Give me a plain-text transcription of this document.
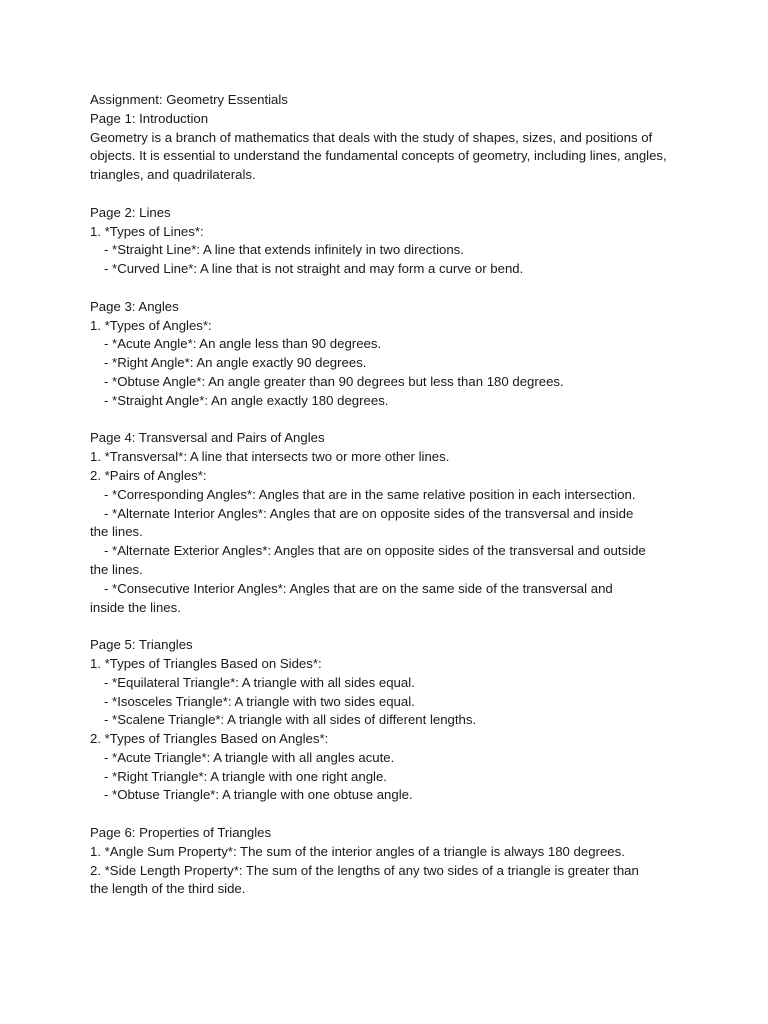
Assignment: Geometry Essentials

Page 1: Introduction

Geometry is a branch of mathematics that deals with the study of shapes, sizes, and positions of objects. It is essential to understand the fundamental concepts of geometry, including lines, angles, triangles, and quadrilaterals.

Page 2: Lines

1. *Types of Lines*:

- *Straight Line*: A line that extends infinitely in two directions.

- *Curved Line*: A line that is not straight and may form a curve or bend.

Page 3: Angles

1. *Types of Angles*:

- *Acute Angle*: An angle less than 90 degrees.

- *Right Angle*: An angle exactly 90 degrees.

- *Obtuse Angle*: An angle greater than 90 degrees but less than 180 degrees.

- *Straight Angle*: An angle exactly 180 degrees.

Page 4: Transversal and Pairs of Angles

1. *Transversal*: A line that intersects two or more other lines.

2. *Pairs of Angles*:

- *Corresponding Angles*: Angles that are in the same relative position in each intersection.

- *Alternate Interior Angles*: Angles that are on opposite sides of the transversal and inside

the lines.

- *Alternate Exterior Angles*: Angles that are on opposite sides of the transversal and outside

the lines.

- *Consecutive Interior Angles*: Angles that are on the same side of the transversal and

inside the lines.

Page 5: Triangles

1. *Types of Triangles Based on Sides*:

- *Equilateral Triangle*: A triangle with all sides equal.

- *Isosceles Triangle*: A triangle with two sides equal.

- *Scalene Triangle*: A triangle with all sides of different lengths.

2. *Types of Triangles Based on Angles*:

- *Acute Triangle*: A triangle with all angles acute.

- *Right Triangle*: A triangle with one right angle.

- *Obtuse Triangle*: A triangle with one obtuse angle.

Page 6: Properties of Triangles

1. *Angle Sum Property*: The sum of the interior angles of a triangle is always 180 degrees.

2. *Side Length Property*: The sum of the lengths of any two sides of a triangle is greater than

the length of the third side.
